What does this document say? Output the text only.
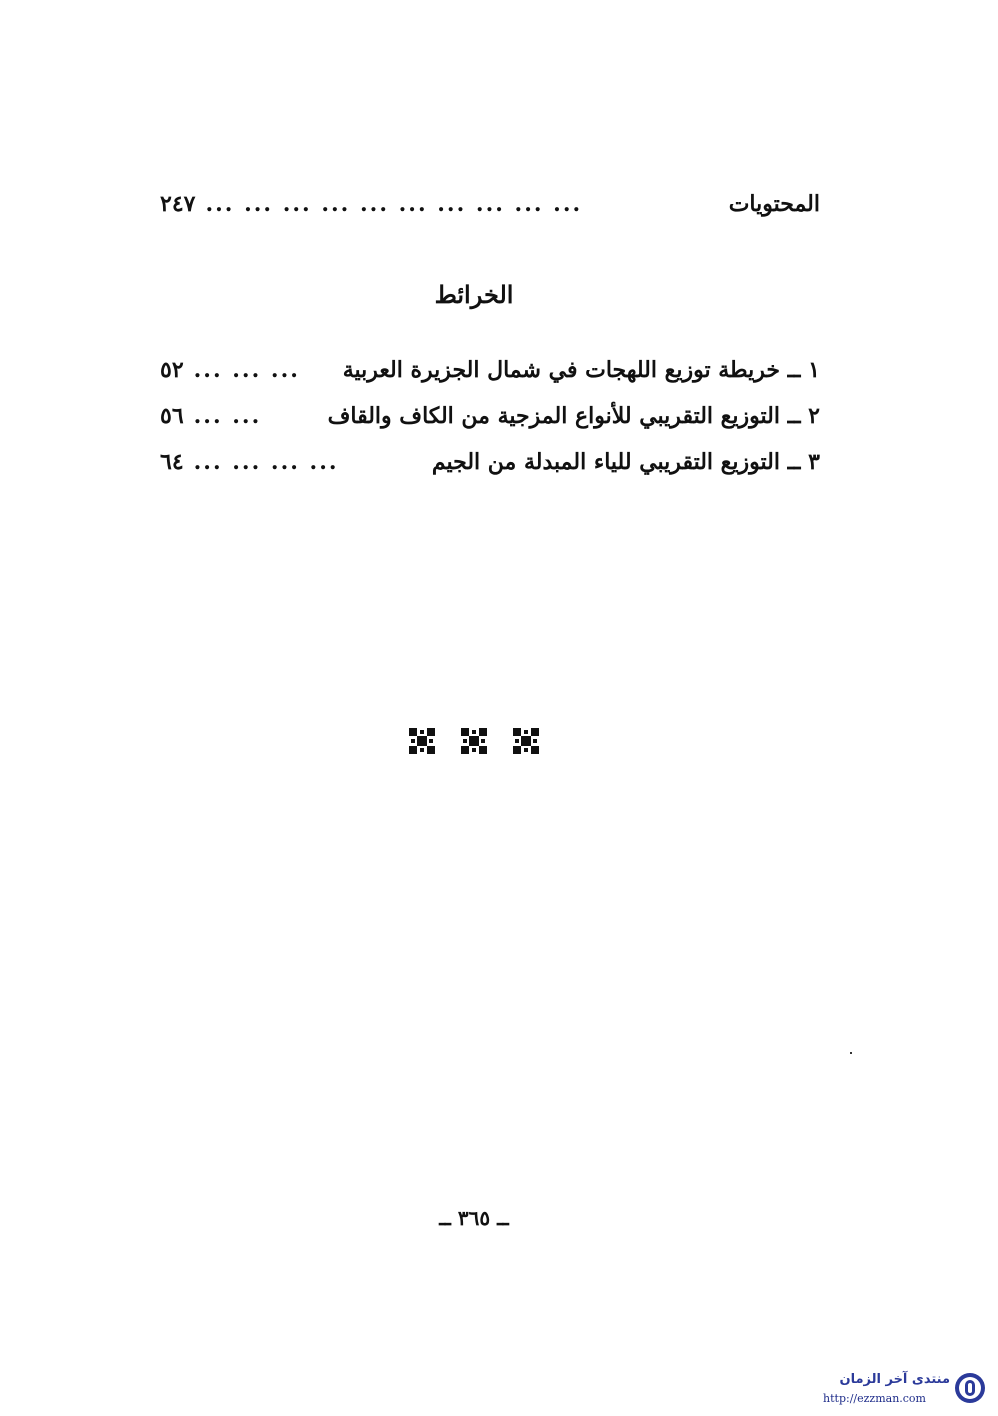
المحتويات
... ... ... ... ... ... ... ... ... ...
٢٤٧
الخرائط
١ ــ خريطة توزيع اللهجات في شمال الجزيرة العربية
... ... ...
٥٢
٢ ــ التوزيع التقريبي للأنواع المزجية من الكاف والقاف
... ...
٥٦
٣ ــ التوزيع التقريبي للياء المبدلة من الجيم
... ... ... ...
٦٤
ــ ٣٦٥ ــ
منتدى آخر الزمان
http://ezzman.com
